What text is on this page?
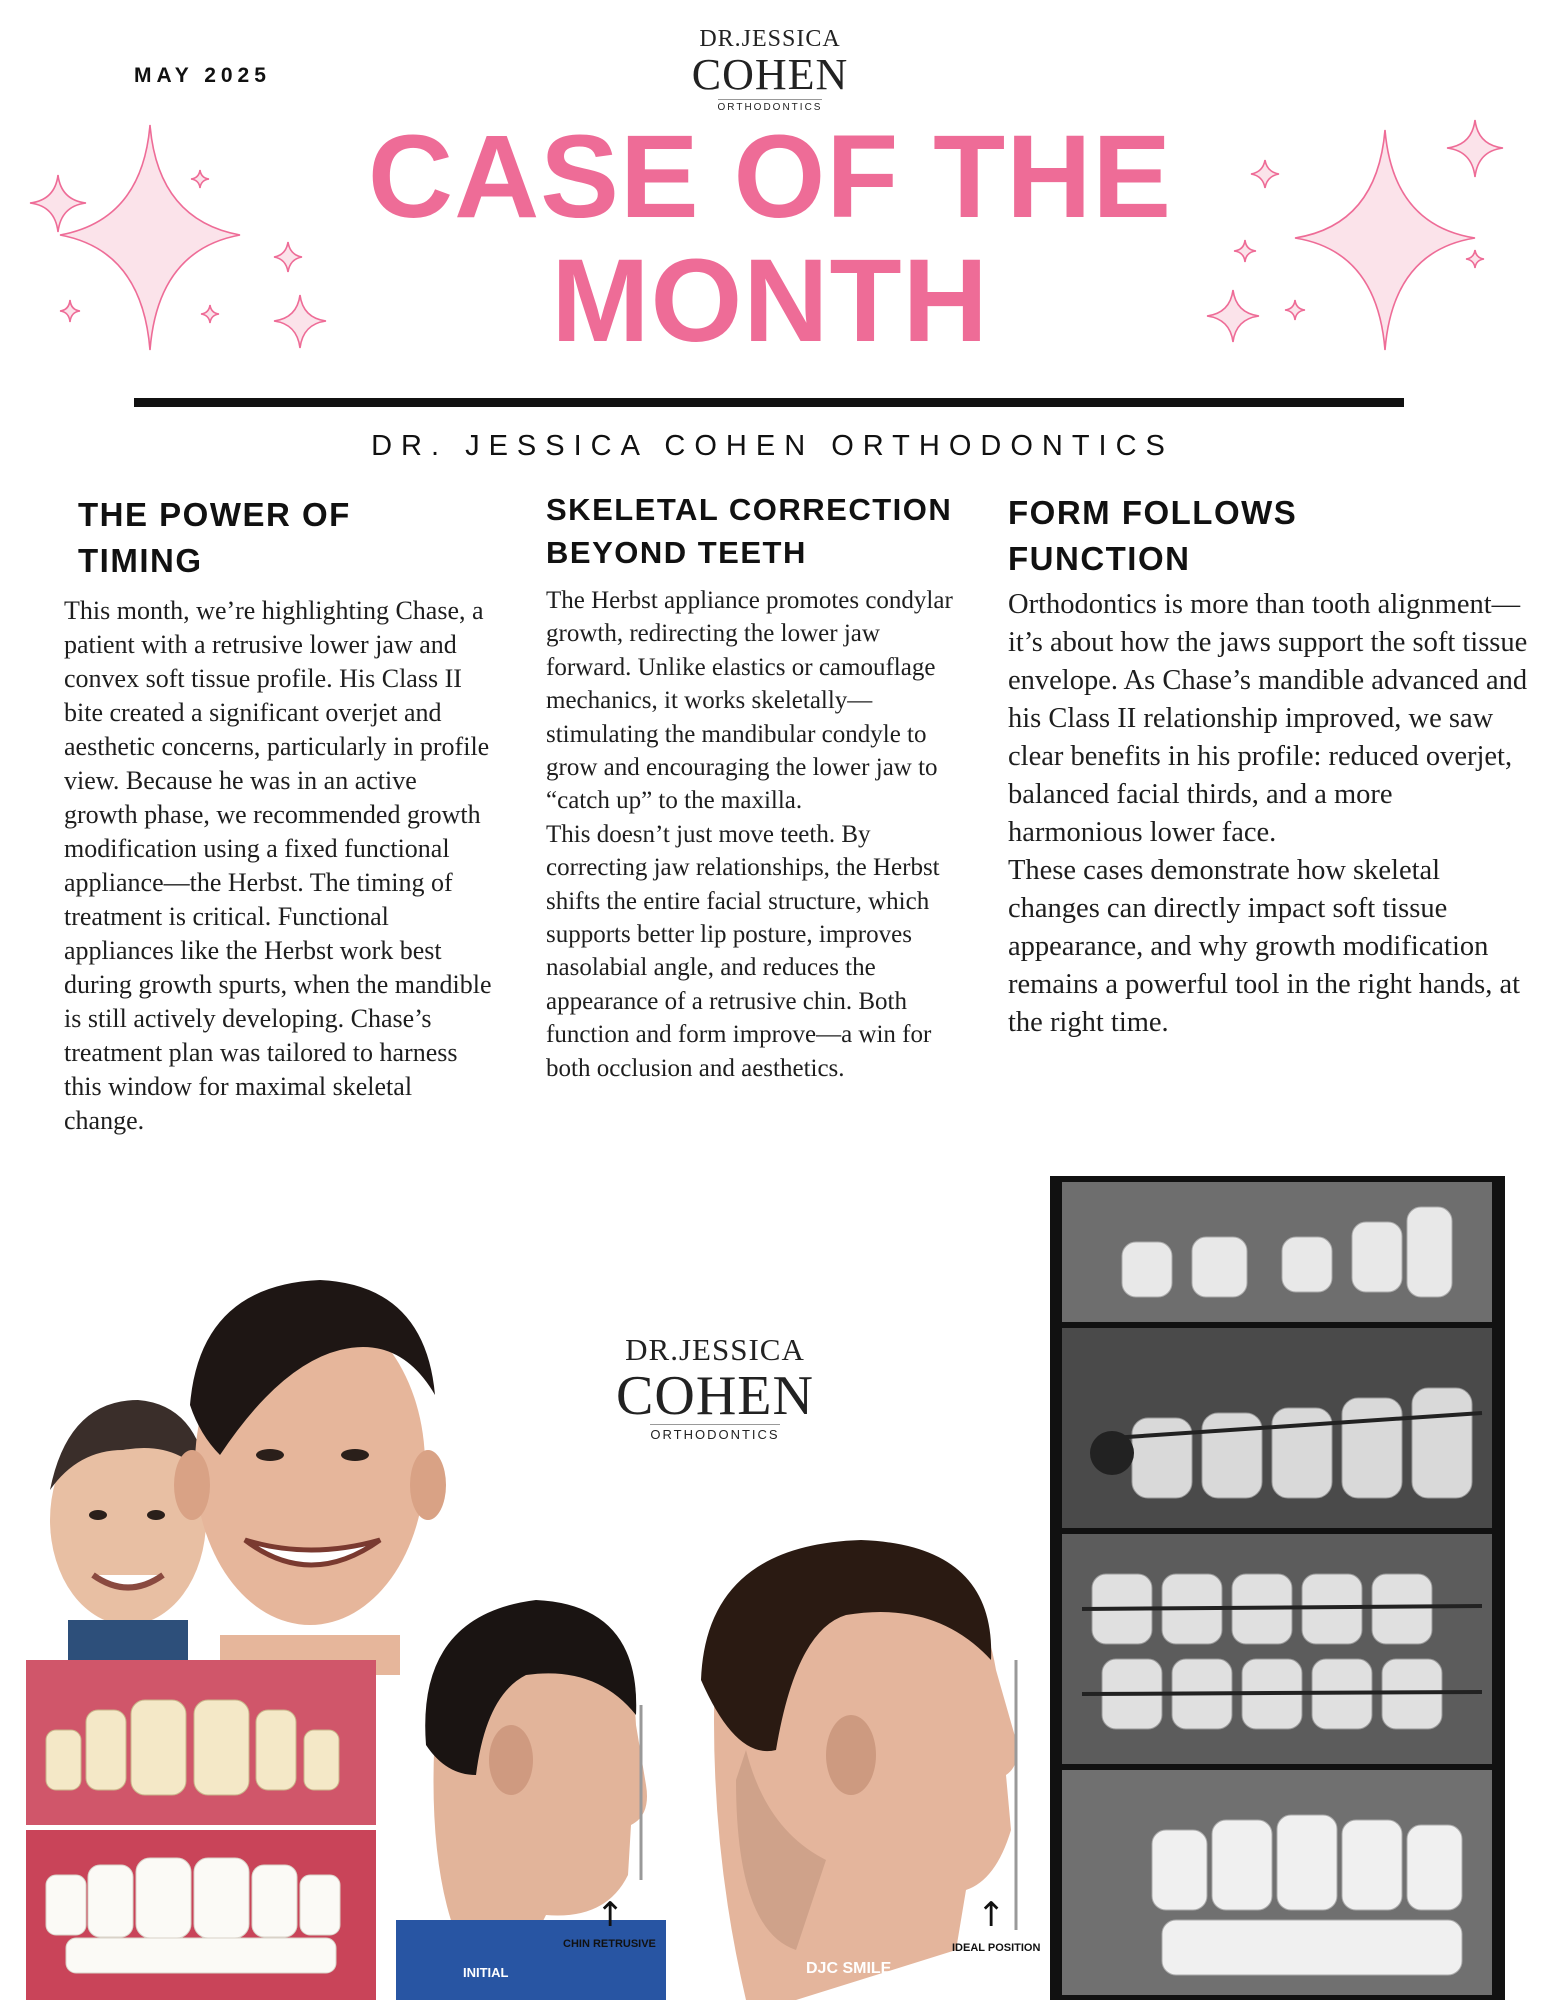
MAY 2025
DR.JESSICA
COHEN
ORTHODONTICS
CASE OF THE
MONTH
DR. JESSICA COHEN ORTHODONTICS
THE POWER OF
TIMING
This month, we’re highlighting Chase, a patient with a retrusive lower jaw and convex soft tissue profile. His Class II bite created a significant overjet and aesthetic concerns, particularly in profile view. Because he was in an active growth phase, we recommended growth modification using a fixed functional appliance—the Herbst. The timing of treatment is critical. Functional appliances like the Herbst work best during growth spurts, when the mandible is still actively developing. Chase’s treatment plan was tailored to harness this window for maximal skeletal change.
SKELETAL CORRECTION
BEYOND TEETH
The Herbst appliance promotes condylar growth, redirecting the lower jaw forward. Unlike elastics or camouflage mechanics, it works skeletally—stimulating the mandibular condyle to grow and encouraging the lower jaw to “catch up” to the maxilla.
This doesn’t just move teeth. By correcting jaw relationships, the Herbst shifts the entire facial structure, which supports better lip posture, improves nasolabial angle, and reduces the appearance of a retrusive chin. Both function and form improve—a win for both occlusion and aesthetics.
FORM FOLLOWS
FUNCTION
Orthodontics is more than tooth alignment—it’s about how the jaws support the soft tissue envelope. As Chase’s mandible advanced and his Class II relationship improved, we saw clear benefits in his profile: reduced overjet, balanced facial thirds, and a more harmonious lower face.
These cases demonstrate how skeletal changes can directly impact soft tissue appearance, and why growth modification remains a powerful tool in the right hands, at the right time.
DR.JESSICA
COHEN
ORTHODONTICS
INITIAL
↑
CHIN RETRUSIVE
DJC SMILE
↑
IDEAL POSITION
